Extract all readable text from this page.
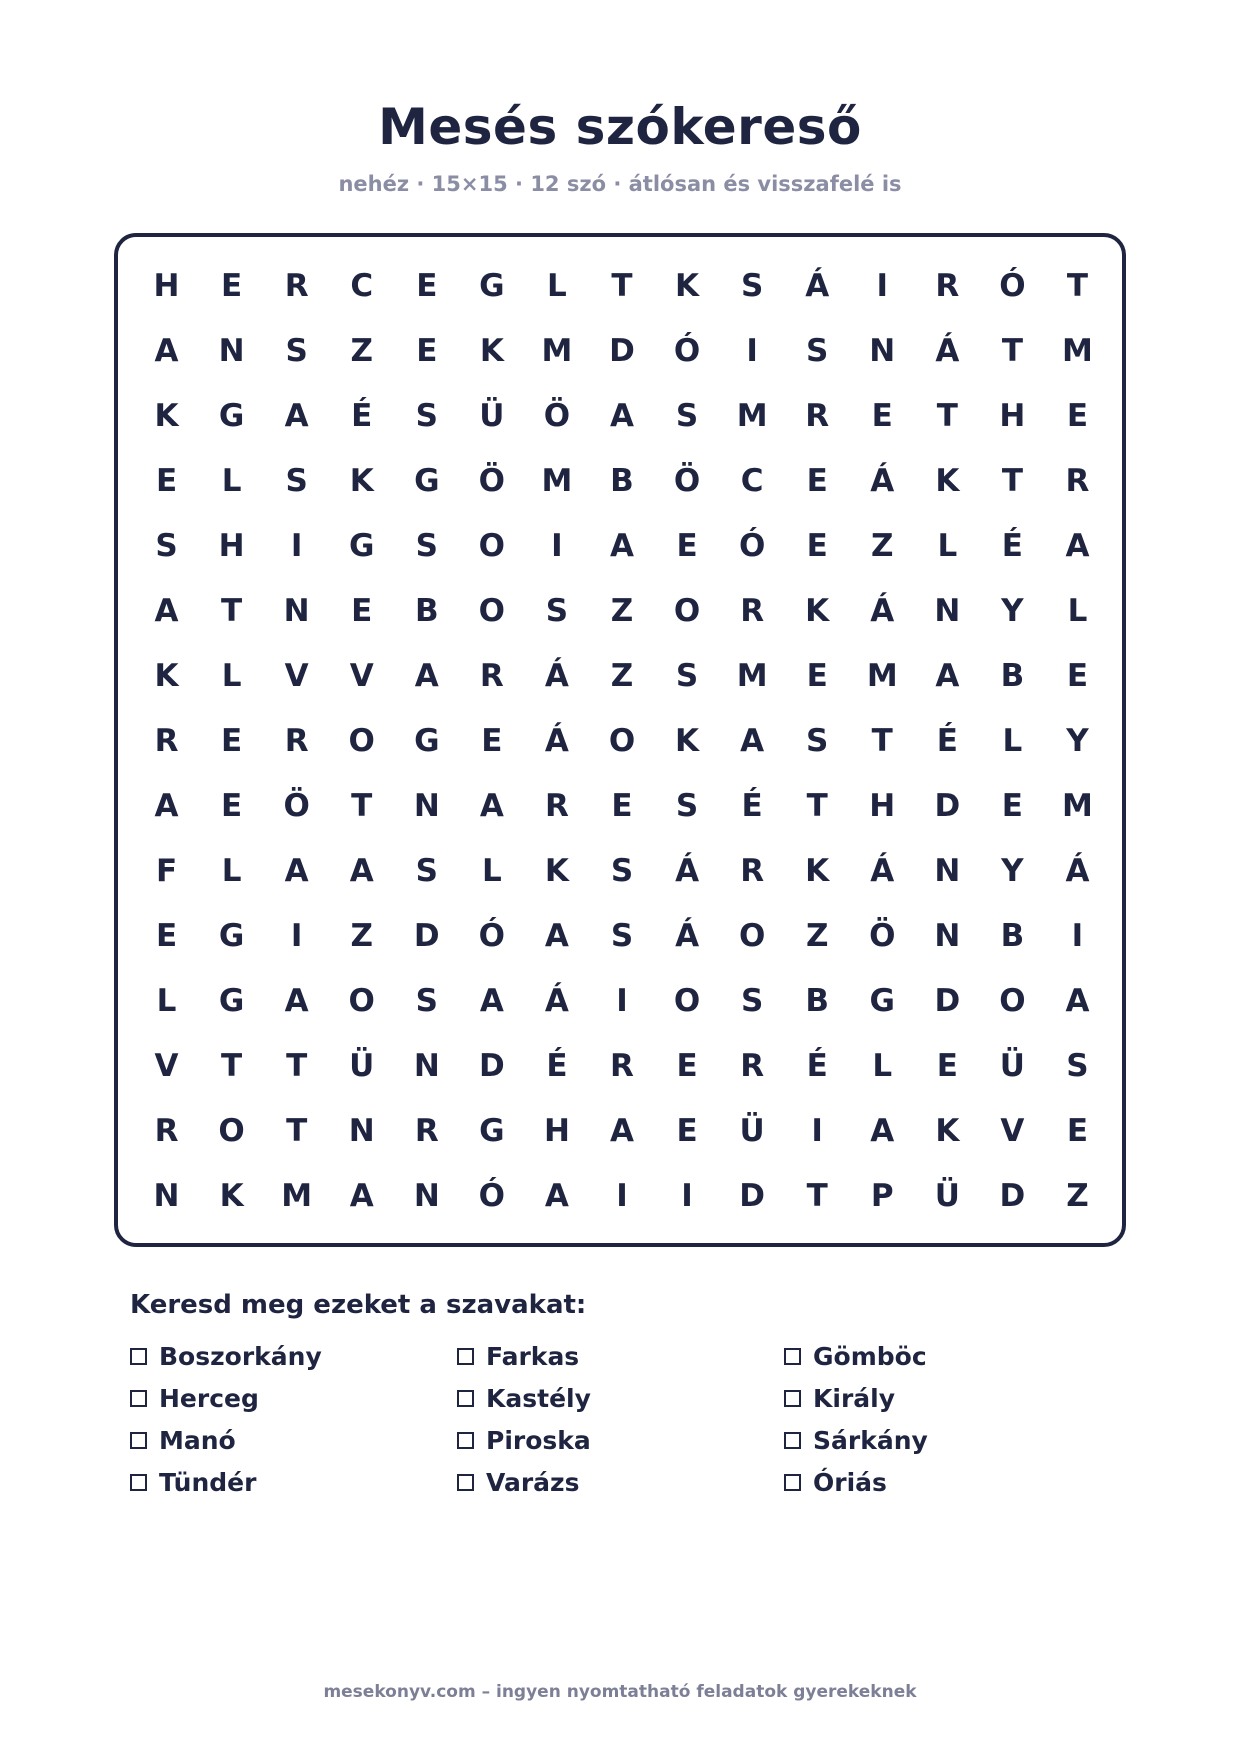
Mesés szókereső
nehéz · 15×15 · 12 szó · átlósan és visszafelé is
H	E	R	C	E	G	L	T	K	S	Á	I	R	Ó	T
A	N	S	Z	E	K	M	D	Ó	I	S	N	Á	T	M
K	G	A	É	S	Ü	Ö	A	S	M	R	E	T	H	E
E	L	S	K	G	Ö	M	B	Ö	C	E	Á	K	T	R
S	H	I	G	S	O	I	A	E	Ó	E	Z	L	É	A
A	T	N	E	B	O	S	Z	O	R	K	Á	N	Y	L
K	L	V	V	A	R	Á	Z	S	M	E	M	A	B	E
R	E	R	O	G	E	Á	O	K	A	S	T	É	L	Y
A	E	Ö	T	N	A	R	E	S	É	T	H	D	E	M
F	L	A	A	S	L	K	S	Á	R	K	Á	N	Y	Á
E	G	I	Z	D	Ó	A	S	Á	O	Z	Ö	N	B	I
L	G	A	O	S	A	Á	I	O	S	B	G	D	O	A
V	T	T	Ü	N	D	É	R	E	R	É	L	E	Ü	S
R	O	T	N	R	G	H	A	E	Ü	I	A	K	V	E
N	K	M	A	N	Ó	A	I	I	D	T	P	Ü	D	Z
Keresd meg ezeket a szavakat:
Boszorkány	Farkas	Gömböc
Herceg	Kastély	Király
Manó	Piroska	Sárkány
Tündér	Varázs	Óriás
mesekonyv.com – ingyen nyomtatható feladatok gyerekeknek
